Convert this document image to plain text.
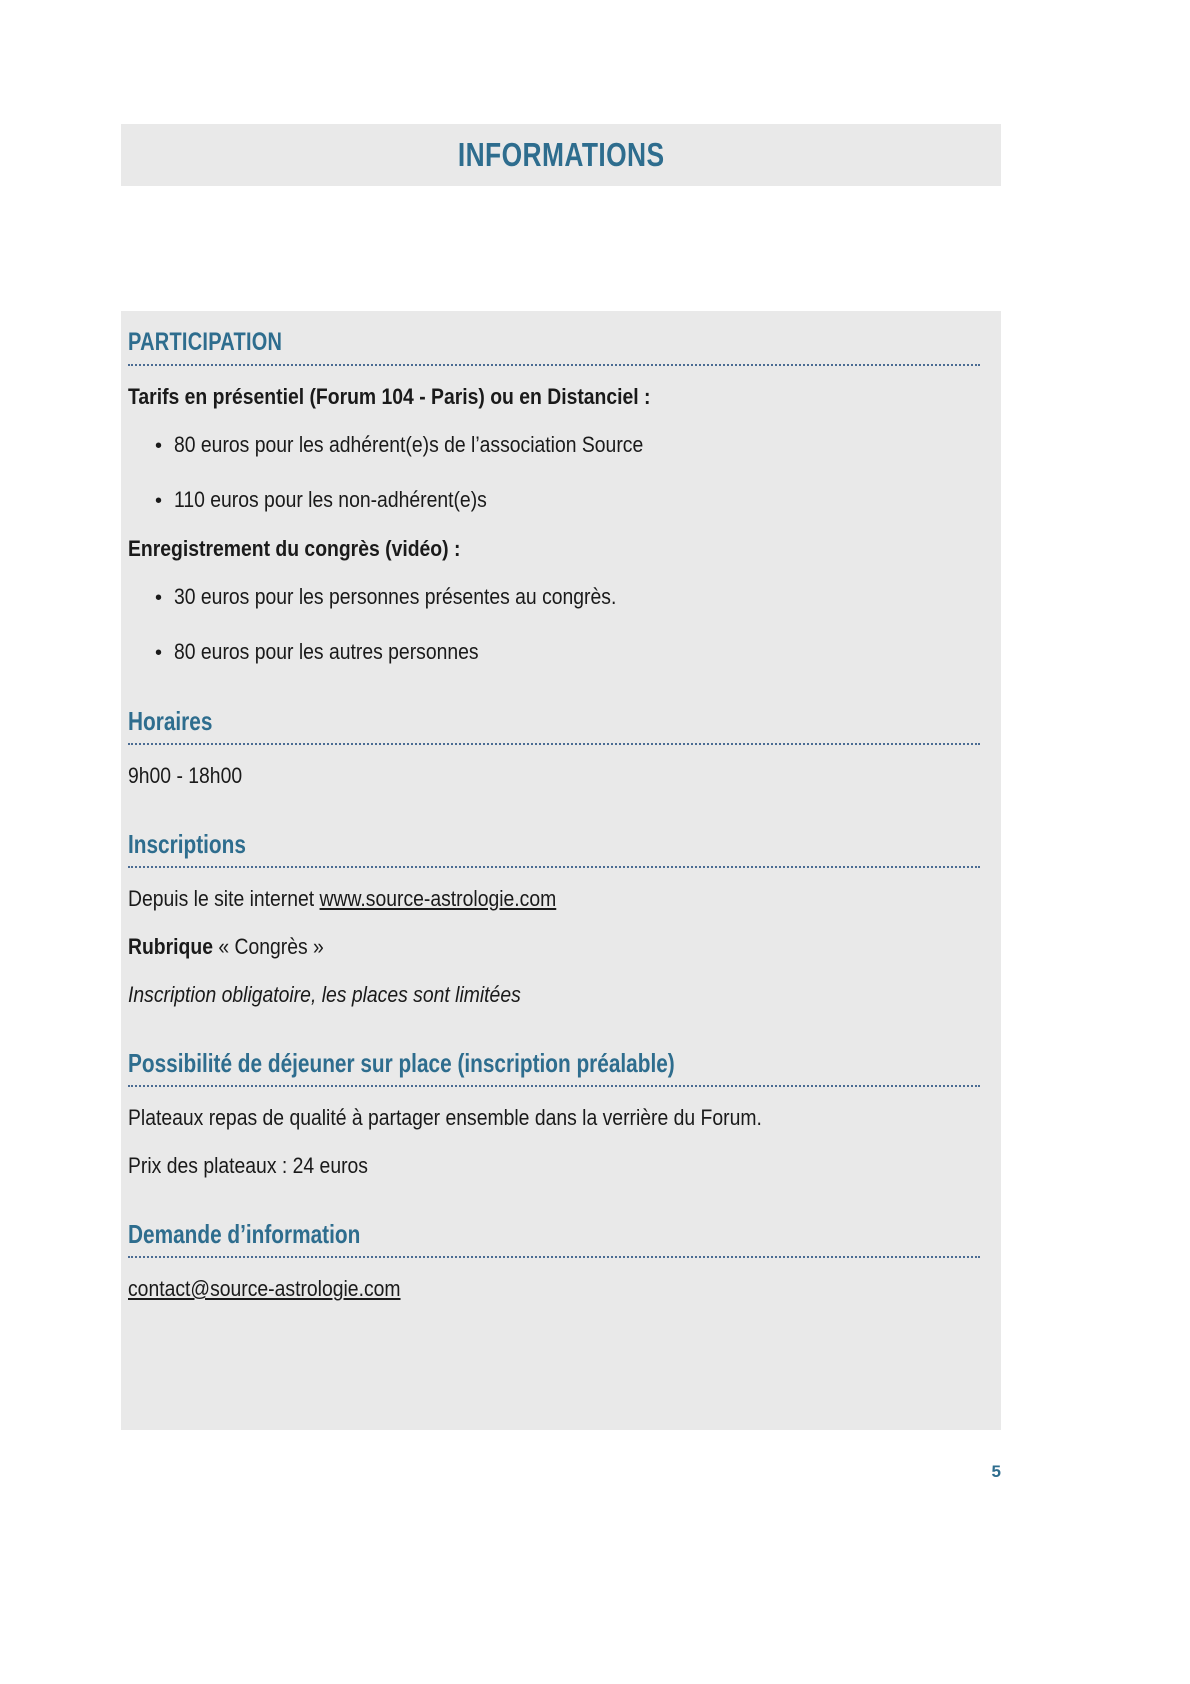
INFORMATIONS
PARTICIPATION
Tarifs en présentiel (Forum 104 - Paris) ou en Distanciel :
• 80 euros pour les adhérent(e)s de l’association Source
• 110 euros pour les non-adhérent(e)s
Enregistrement du congrès (vidéo) :
• 30 euros pour les personnes présentes au congrès.
• 80 euros pour les autres personnes
Horaires
9h00 - 18h00
Inscriptions
Depuis le site internet www.source-astrologie.com
Rubrique « Congrès »
Inscription obligatoire, les places sont limitées
Possibilité de déjeuner sur place (inscription préalable)
Plateaux repas de qualité à partager ensemble dans la verrière du Forum.
Prix des plateaux : 24 euros
Demande d’information
contact@source-astrologie.com
5
